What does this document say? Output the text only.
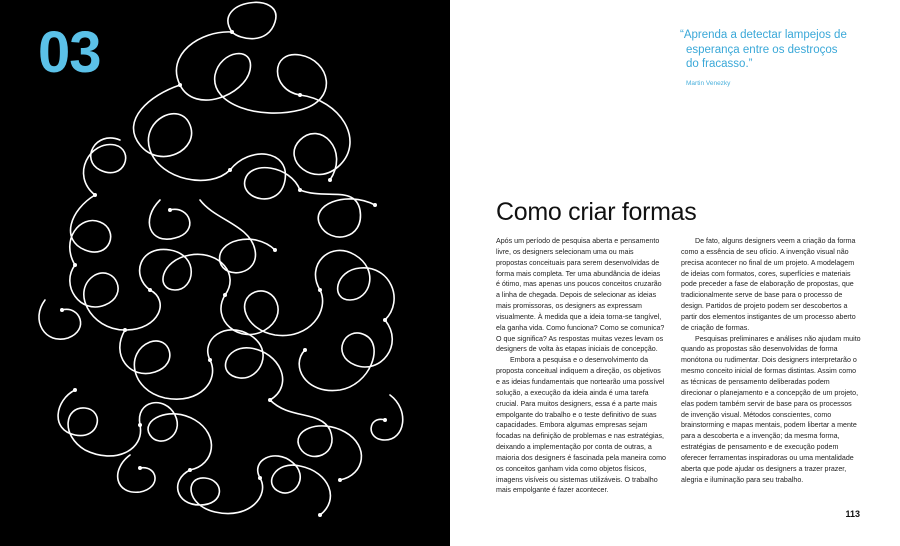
03	“Aprenda a detectar lampejos de
esperança entre os destroços
do fracasso.”
Martin Venezky
Como criar formas

Após um período de pesquisa aberta e pensamento livre, os designers selecionam uma ou mais propostas conceituais para serem desenvolvidas de forma mais completa. Ter uma abundância de ideias é ótimo, mas apenas uns poucos conceitos cruzarão a linha de chegada. Depois de selecionar as ideias mais promissoras, os designers as expressam visualmente. À medida que a ideia torna-se tangível, ela ganha vida. Como funciona? Como se comunica? O que significa? As respostas muitas vezes levam os designers de volta às etapas iniciais de concepção.

Embora a pesquisa e o desenvolvimento da proposta conceitual indiquem a direção, os objetivos e as ideias fundamentais que nortearão uma possível solução, a execução da ideia ainda é uma tarefa crucial. Para muitos designers, essa é a parte mais empolgante do trabalho e o teste definitivo de suas capacidades. Embora algumas empresas sejam focadas na definição de problemas e nas estratégias, deixando a implementação por conta de outras, a maioria dos designers é fascinada pela maneira como os conceitos ganham vida como objetos físicos, imagens visíveis ou sistemas utilizáveis. O trabalho mais empolgante é fazer acontecer.

De fato, alguns designers veem a criação da forma como a essência de seu ofício. A invenção visual não precisa acontecer no final de um projeto. A modelagem de ideias com formatos, cores, superfícies e materiais pode preceder a fase de elaboração de propostas, que tradicionalmente serve de base para o processo de design. Partidos de projeto podem ser descobertos a partir dos elementos instigantes de um processo aberto de criação de formas.

Pesquisas preliminares e análises não ajudam muito quando as propostas são desenvolvidas de forma monótona ou rudimentar. Dois designers interpretarão o mesmo conceito inicial de formas distintas. Assim como as técnicas de pensamento deliberadas podem direcionar o planejamento e a concepção de um projeto, elas podem também servir de base para os processos de invenção visual. Métodos conscientes, como brainstorming e mapas mentais, podem libertar a mente para a descoberta e a invenção; da mesma forma, estratégias de pensamento e de execução podem oferecer ferramentas inspiradoras ou uma mentalidade aberta que pode ajudar os designers a trazer prazer, alegria e iluminação para seu trabalho.

113
